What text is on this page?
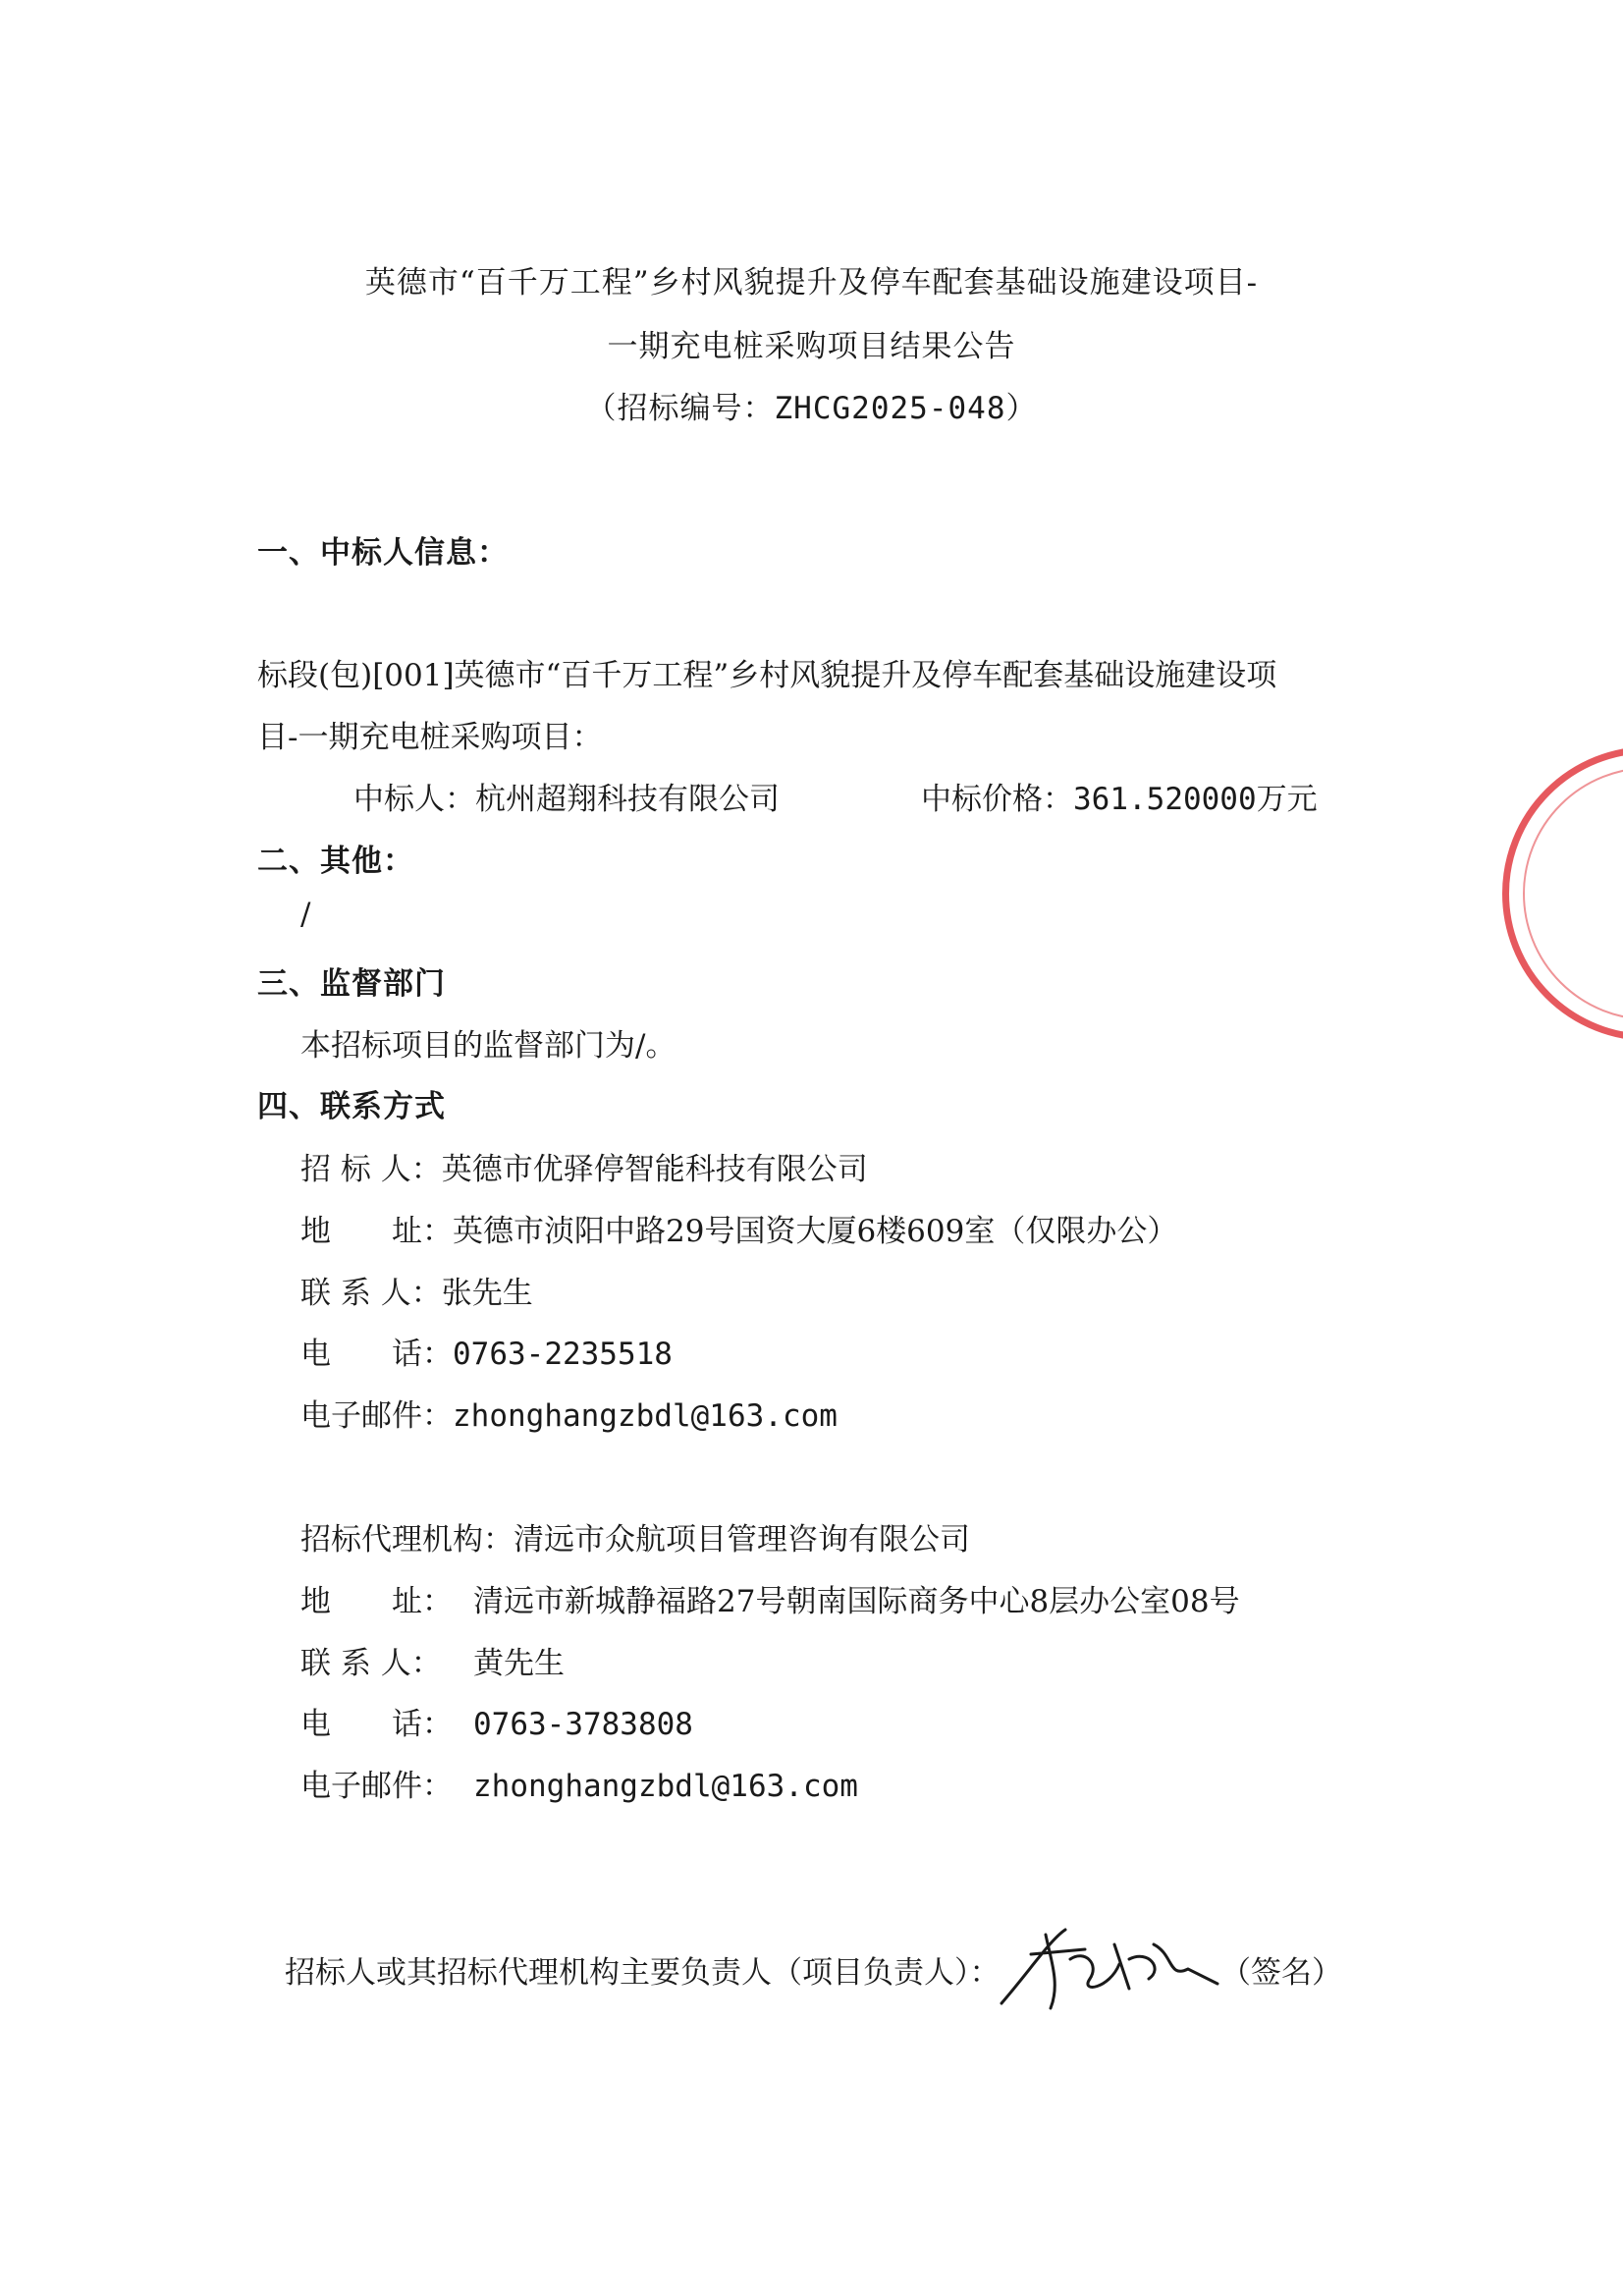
英德市“百千万工程”乡村风貌提升及停车配套基础设施建设项目-
一期充电桩采购项目结果公告
（招标编号：ZHCG2025-048）
一、中标人信息：
标段(包)[001]英德市“百千万工程”乡村风貌提升及停车配套基础设施建设项
目-一期充电桩采购项目：
中标人：杭州超翔科技有限公司	中标价格：361.520000万元
二、其他：
/
三、监督部门
本招标项目的监督部门为/。
四、联系方式
招 标 人：英德市优驿停智能科技有限公司
地　　址：英德市浈阳中路29号国资大厦6楼609室（仅限办公）
联 系 人：张先生
电　　话：0763-2235518
电子邮件：zhonghangzbdl@163.com
招标代理机构：清远市众航项目管理咨询有限公司
地　　址： 清远市新城静福路27号朝南国际商务中心8层办公室08号
联 系 人： 黄先生
电　　话： 0763-3783808
电子邮件： zhonghangzbdl@163.com
招标人或其招标代理机构主要负责人（项目负责人）：	（签名）
